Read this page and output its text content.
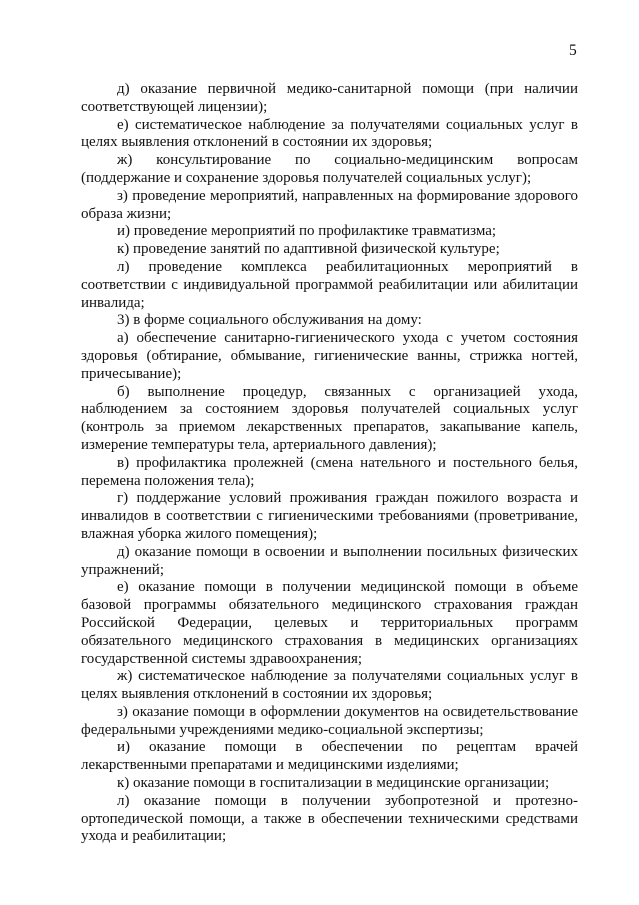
5

д) оказание первичной медико-санитарной помощи (при наличии соответствующей лицензии);

е) систематическое наблюдение за получателями социальных услуг в целях выявления отклонений в состоянии их здоровья;

ж) консультирование по социально-медицинским вопросам (поддержание и сохранение здоровья получателей социальных услуг);

з) проведение мероприятий, направленных на формирование здорового образа жизни;

и) проведение мероприятий по профилактике травматизма;

к) проведение занятий по адаптивной физической культуре;

л) проведение комплекса реабилитационных мероприятий в соответствии с индивидуальной программой реабилитации или абилитации инвалида;

3) в форме социального обслуживания на дому:

а) обеспечение санитарно-гигиенического ухода с учетом состояния здоровья (обтирание, обмывание, гигиенические ванны, стрижка ногтей, причесывание);

б) выполнение процедур, связанных с организацией ухода, наблюдением за состоянием здоровья получателей социальных услуг (контроль за приемом лекарственных препаратов, закапывание капель, измерение температуры тела, артериального давления);

в) профилактика пролежней (смена нательного и постельного белья, перемена положения тела);

г) поддержание условий проживания граждан пожилого возраста и инвалидов в соответствии с гигиеническими требованиями (проветривание, влажная уборка жилого помещения);

д) оказание помощи в освоении и выполнении посильных физических упражнений;

е) оказание помощи в получении медицинской помощи в объеме базовой программы обязательного медицинского страхования граждан Российской Федерации, целевых и территориальных программ обязательного медицинского страхования в медицинских организациях государственной системы здравоохранения;

ж) систематическое наблюдение за получателями социальных услуг в целях выявления отклонений в состоянии их здоровья;

з) оказание помощи в оформлении документов на освидетельствование федеральными учреждениями медико-социальной экспертизы;

и) оказание помощи в обеспечении по рецептам врачей лекарственными препаратами и медицинскими изделиями;

к) оказание помощи в госпитализации в медицинские организации;

л) оказание помощи в получении зубопротезной и протезно-ортопедической помощи, а также в обеспечении техническими средствами ухода и реабилитации;
